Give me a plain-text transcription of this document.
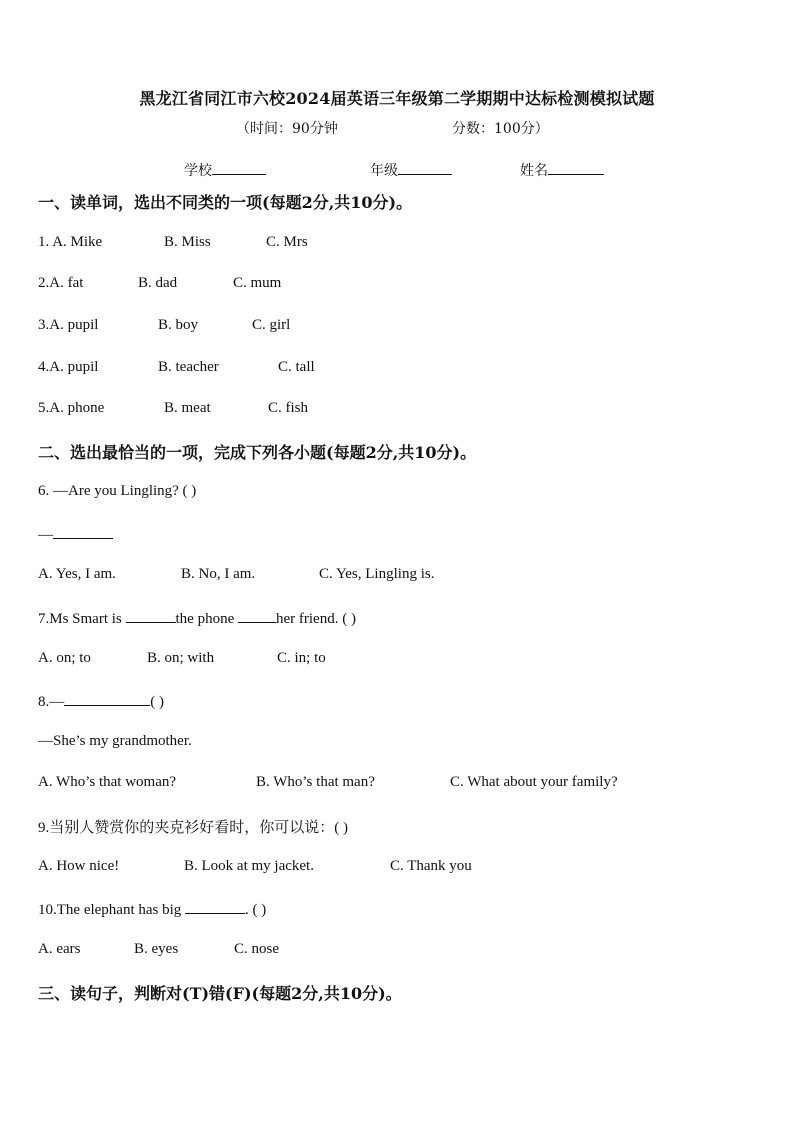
黑龙江省同江市六校2024届英语三年级第二学期期中达标检测模拟试题
（时间：90分钟	分数：100分）
学校	年级	姓名
一、读单词，选出不同类的一项(每题2分,共10分)。
1. A. Mike	B. Miss	C. Mrs
2.A. fat	B. dad	C. mum
3.A. pupil	B. boy	C. girl
4.A. pupil	B. teacher	C. tall
5.A. phone	B. meat	C. fish
二、选出最恰当的一项，完成下列各小题(每题2分,共10分)。
6. —Are you Lingling? ( )
—
A. Yes, I am.	B. No, I am.	C. Yes, Lingling is.
7.Ms Smart is	the phone	her friend. ( )
A. on; to	B. on; with	C. in; to
8.—	( )
—She’s my grandmother.
A. Who’s that woman?	B. Who’s that man?	C. What about your family?
9.当别人赞赏你的夹克衫好看时，你可以说：( )
A. How nice!	B. Look at my jacket.	C. Thank you
10.The elephant has big	. ( )
A. ears	B. eyes	C. nose
三、读句子，判断对(T)错(F)(每题2分,共10分)。
